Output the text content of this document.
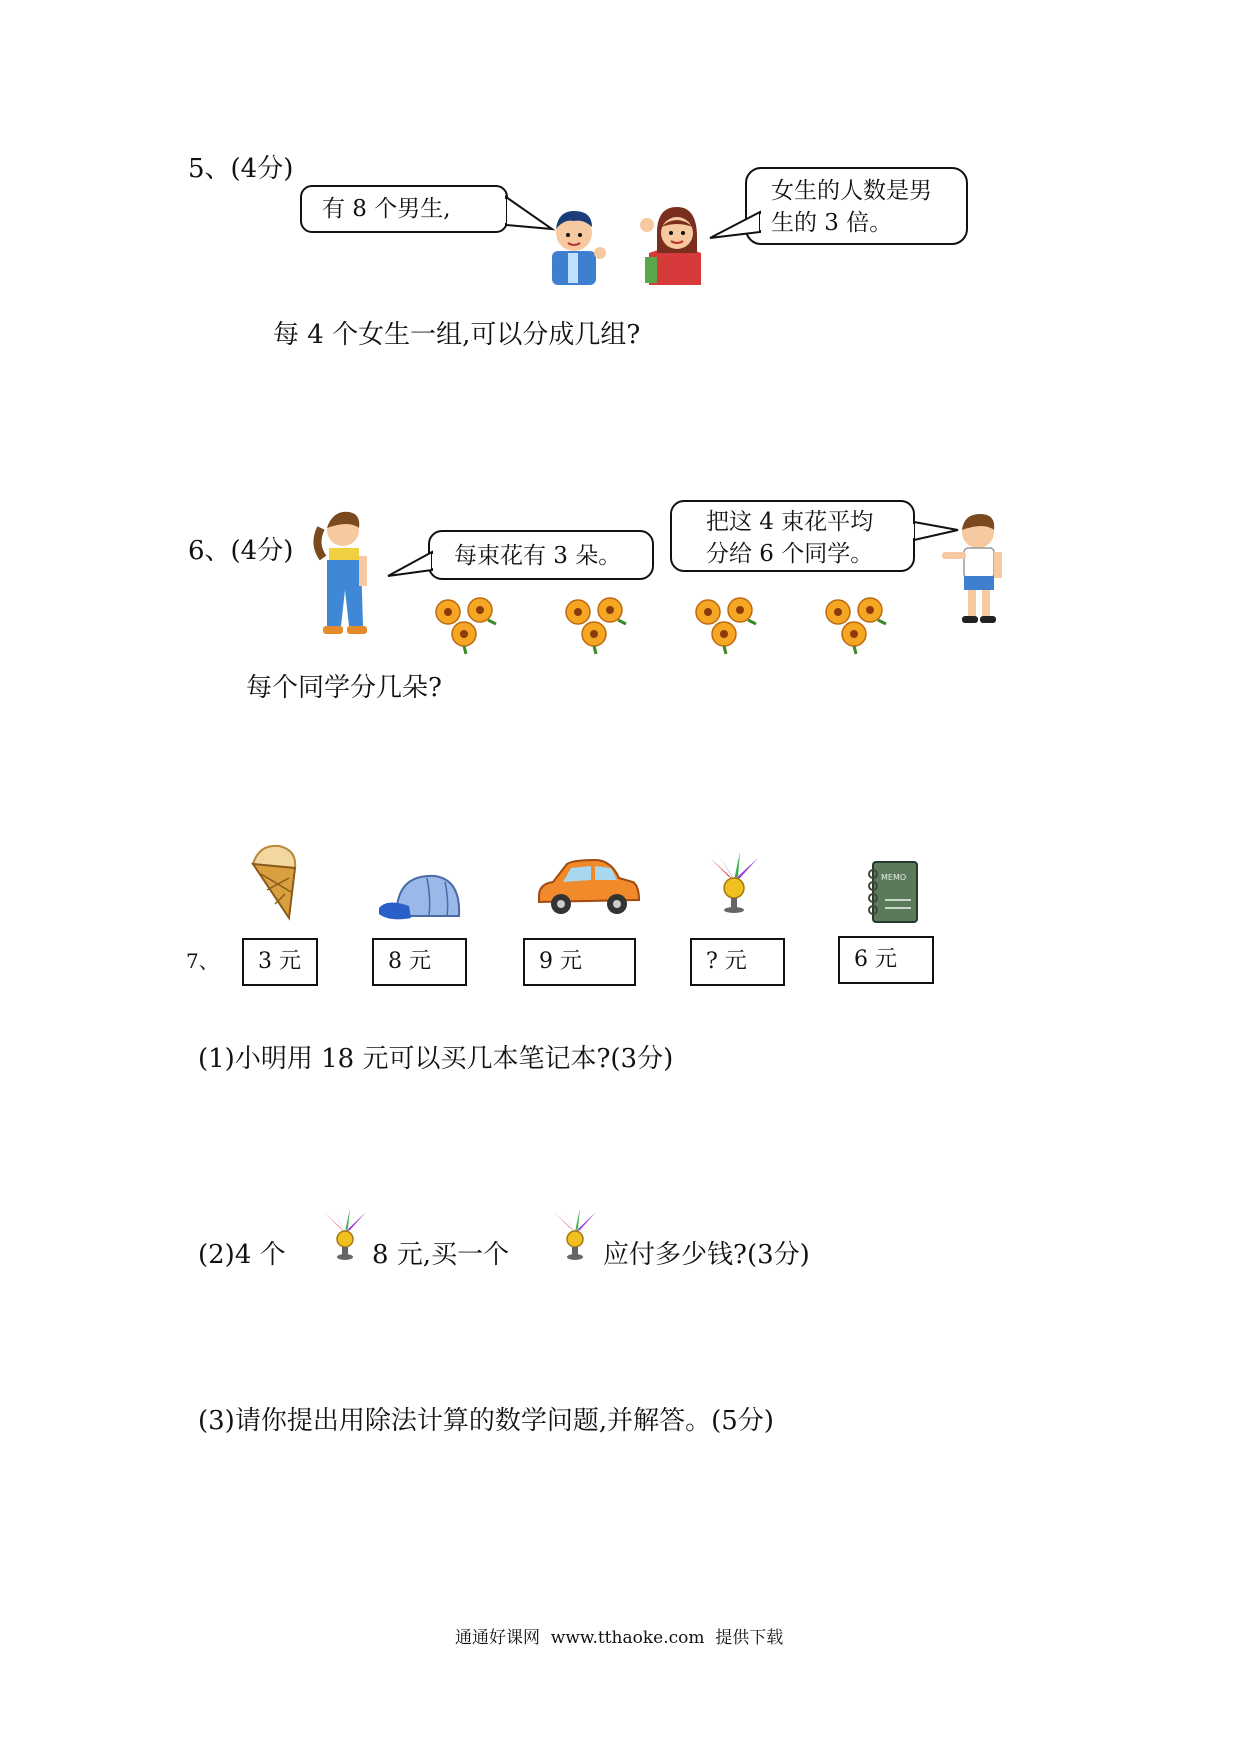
5、(4分)
有 8 个男生,
女生的人数是男
生的 3 倍。
每 4 个女生一组,可以分成几组?
6、(4分)	每束花有 3 朵。
把这 4 束花平均
分给 6 个同学。
每个同学分几朵?
MEMO
7、	3 元	8 元	9 元	? 元	6 元
(1)小明用 18 元可以买几本笔记本?(3分)
(2)4 个	8 元,买一个	应付多少钱?(3分)
(3)请你提出用除法计算的数学问题,并解答。(5分)
通通好课网  www.tthaoke.com  提供下载
